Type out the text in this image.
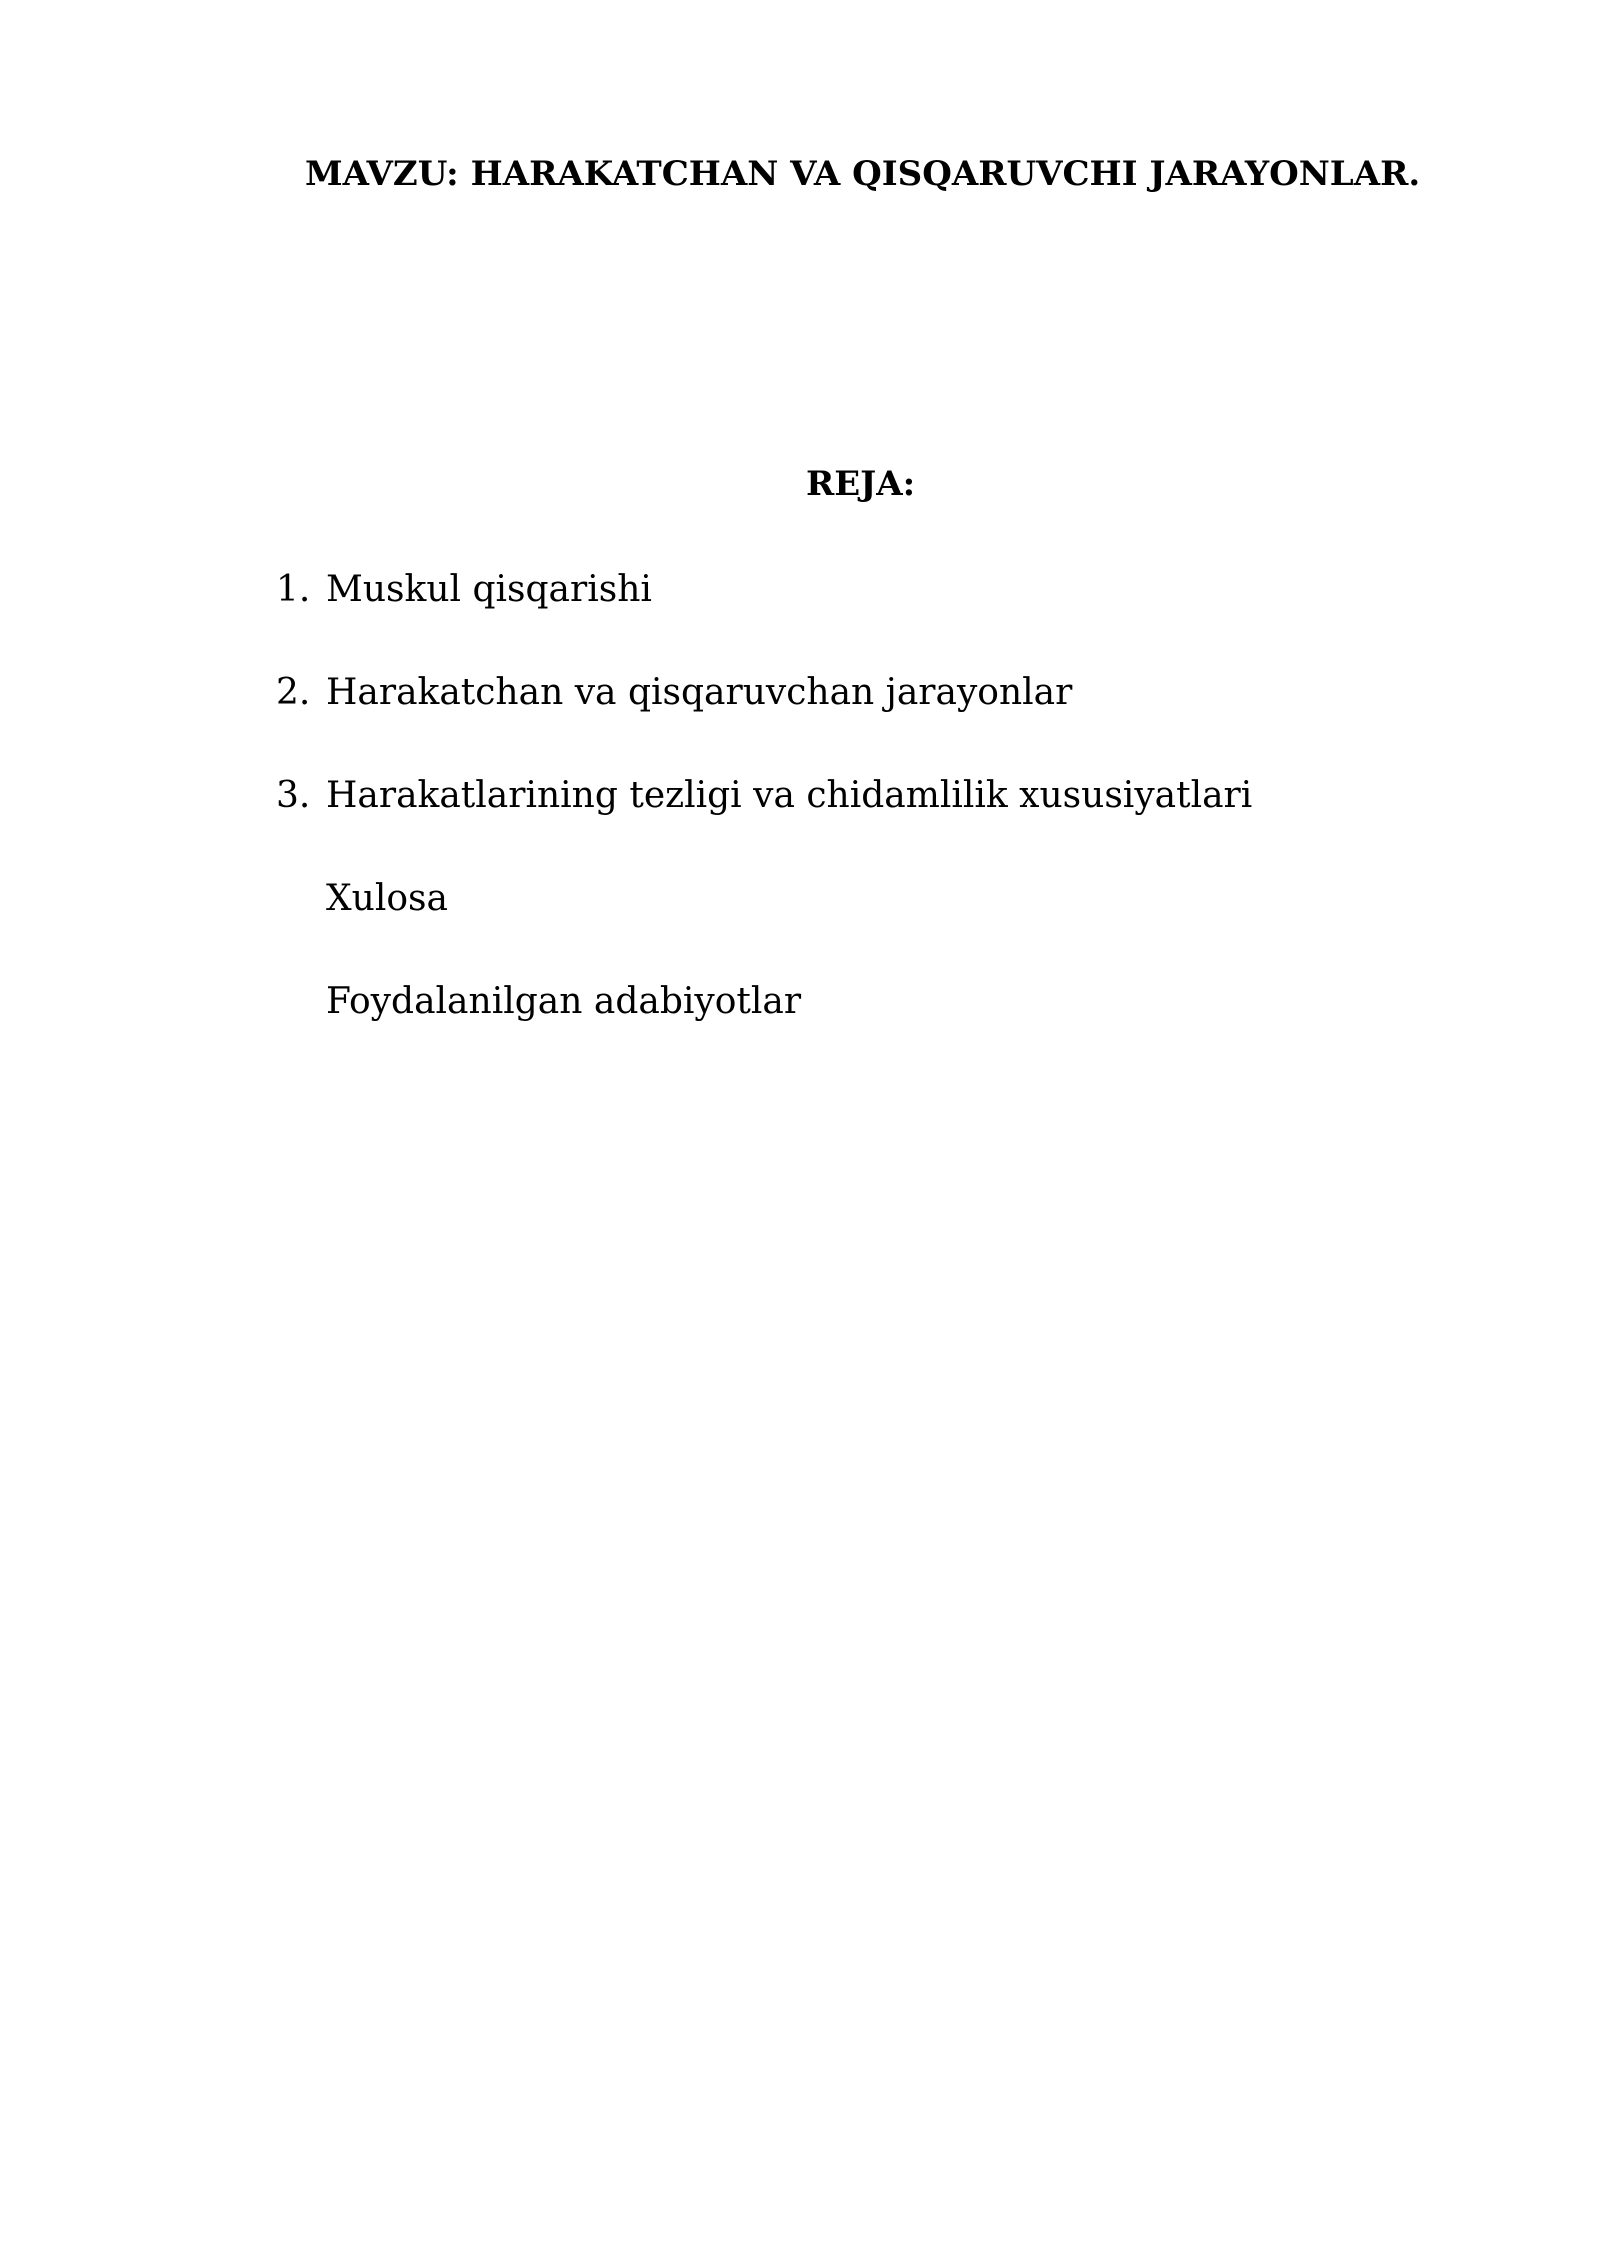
MAVZU: HARAKATCHAN VA QISQARUVCHI JARAYONLAR.
REJA:
1. Muskul qisqarishi
2. Harakatchan va qisqaruvchan jarayonlar
3. Harakatlarining tezligi va chidamlilik xususiyatlari
Xulosa
Foydalanilgan adabiyotlar
